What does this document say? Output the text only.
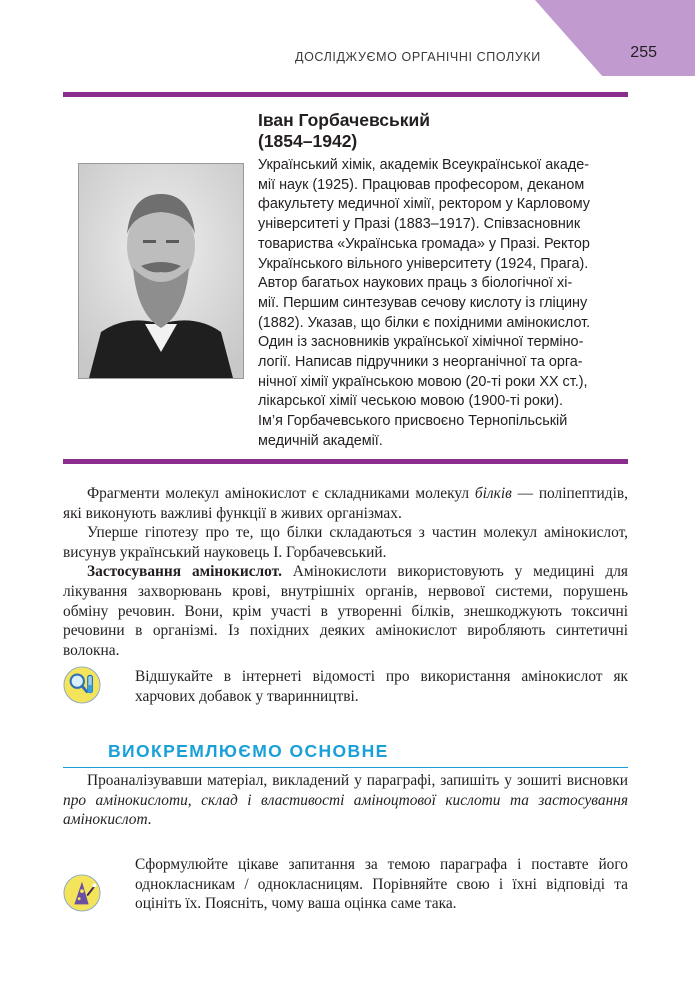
255
ДОСЛІДЖУЄМО ОРГАНІЧНІ СПОЛУКИ
Іван Горбачевський
(1854–1942)
Український хімік, академік Всеукраїнської акаде-
мії наук (1925). Працював професором, деканом
факультету медичної хімії, ректором у Карловому
університеті у Празі (1883–1917). Співзасновник
товариства «Українська громада» у Празі. Ректор
Українського вільного університету (1924, Прага).
Автор багатьох наукових праць з біологічної хі-
мії. Першим синтезував сечову кислоту із гліцину
(1882). Указав, що білки є похідними амінокислот.
Один із засновників української хімічної терміно-
логії. Написав підручники з неорганічної та орга-
нічної хімії українською мовою (20-ті роки XX ст.),
лікарської хімії чеською мовою (1900-ті роки).
Ім’я Горбачевського присвоєно Тернопільській
медичній академії.

Фрагменти молекул амінокислот є складниками молекул білків — поліпептидів, які виконують важливі функції в живих організмах.

Уперше гіпотезу про те, що білки складаються з частин молекул амінокислот, висунув український науковець І. Горбачевський.

Застосування амінокислот. Амінокислоти використовують у медицині для лікування захворювань крові, внутрішніх органів, нервової системи, порушень обміну речовин. Вони, крім участі в утворенні білків, знешкоджують токсичні речовини в організмі. Із похідних деяких амінокислот виробляють синтетичні волокна.

Відшукайте в інтернеті відомості про використання амінокислот як харчових добавок у тваринництві.
ВИОКРЕМЛЮЄМО ОСНОВНЕ

Проаналізувавши матеріал, викладений у параграфі, запишіть у зошиті висновки про амінокислоти, склад і властивості аміноцтової кислоти та застосування амінокислот.

Сформулюйте цікаве запитання за темою параграфа і поставте його однокласникам / однокласницям. Порівняйте свою і їхні відповіді та оцініть їх. Поясніть, чому ваша оцінка саме така.
